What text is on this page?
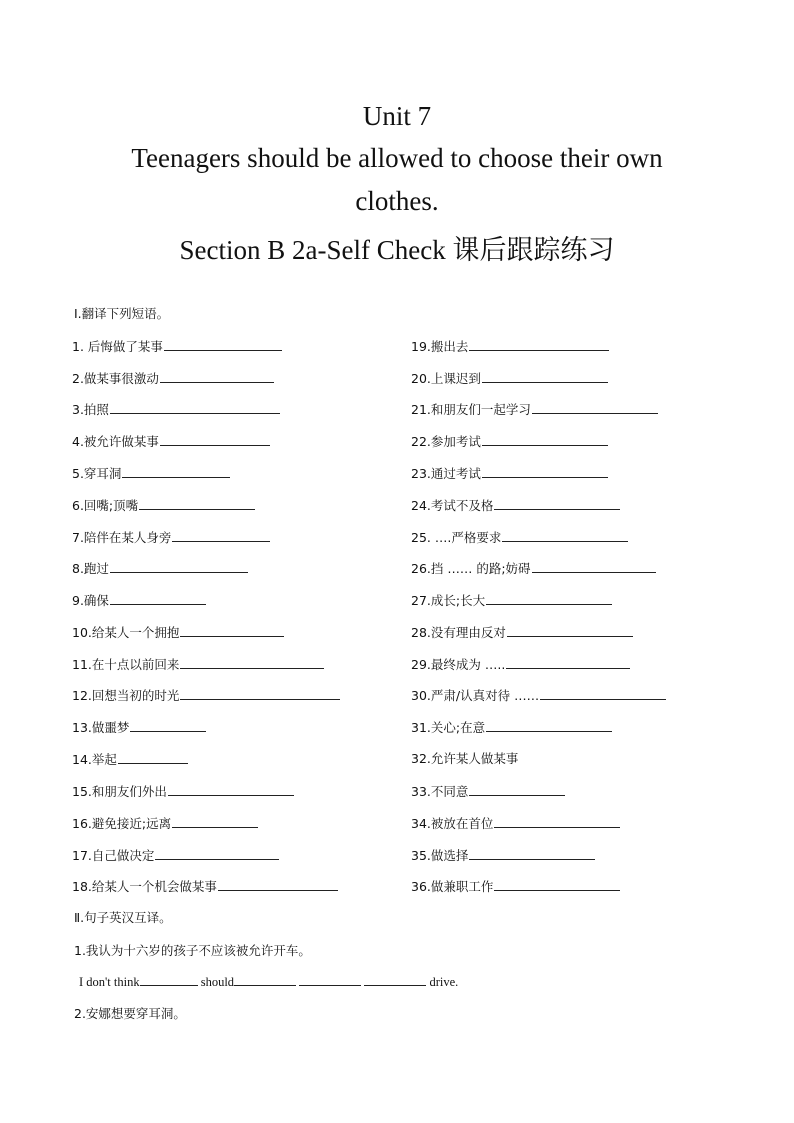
Unit 7
Teenagers should be allowed to choose their own
clothes.
Section B 2a-Self Check 课后跟踪练习
Ⅰ.翻译下列短语。
1. 后悔做了某事
2.做某事很激动
3.拍照
4.被允许做某事
5.穿耳洞
6.回嘴;顶嘴
7.陪伴在某人身旁
8.跑过
9.确保
10.给某人一个拥抱
11.在十点以前回来
12.回想当初的时光
13.做噩梦
14.举起
15.和朋友们外出
16.避免接近;远离
17.自己做决定
18.给某人一个机会做某事
19.搬出去
20.上课迟到
21.和朋友们一起学习
22.参加考试
23.通过考试
24.考试不及格
25. ….严格要求
26.挡 …… 的路;妨碍
27.成长;长大
28.没有理由反对
29.最终成为 …..
30.严肃/认真对待 ……
31.关心;在意
32.允许某人做某事
33.不同意
34.被放在首位
35.做选择
36.做兼职工作
Ⅱ.句子英汉互译。
1.我认为十六岁的孩子不应该被允许开车。
I don't think	should	drive.
2.安娜想要穿耳洞。
